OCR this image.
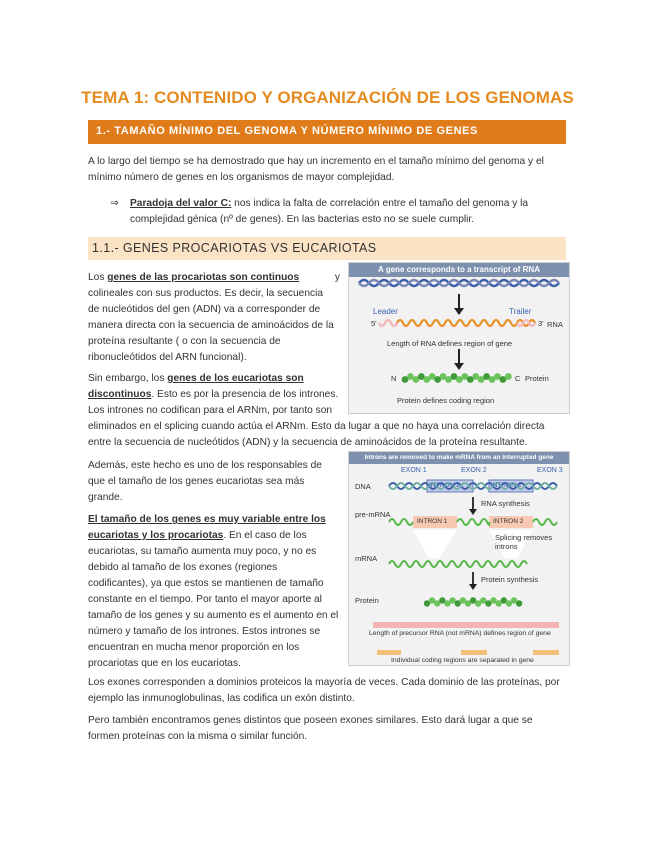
TEMA 1: CONTENIDO Y ORGANIZACIÓN DE LOS GENOMAS
1.- TAMAÑO MÍNIMO DEL GENOMA Y NÚMERO MÍNIMO DE GENES
A lo largo del tiempo se ha demostrado que hay un incremento en el tamaño mínimo del genoma y el
mínimo número de genes en los organismos de mayor complejidad.
⇒ Paradoja del valor C: nos indica la falta de correlación entre el tamaño del genoma y la
complejidad génica (nº de genes). En las bacterias esto no se suele cumplir.
1.1.- GENES PROCARIOTAS VS EUCARIOTAS
Los genes de las procariotas son continuos	y
colineales con sus productos. Es decir, la secuencia
de nucleótidos del gen (ADN) va a corresponder de
manera directa con la secuencia de aminoácidos de la
proteína resultante ( o con la secuencia de
ribonucleótidos del ARN funcional).
Sin embargo, los genes de los eucariotas son
discontinuos. Esto es por la presencia de los intrones.
Los intrones no codifican para el ARNm, por tanto son
eliminados en el splicing cuando actúa el ARNm. Esto da lugar a que no haya una correlación directa
entre la secuencia de nucleótidos (ADN) y la secuencia de aminoácidos de la proteína resultante.
Además, este hecho es uno de los responsables de
que el tamaño de los genes eucariotas sea más
grande.
El tamaño de los genes es muy variable entre los
eucariotas y los procariotas. En el caso de los
eucariotas, su tamaño aumenta muy poco, y no es
debido al tamaño de los exones (regiones
codificantes), ya que estos se mantienen de tamaño
constante en el tiempo. Por tanto el mayor aporte al
tamaño de los genes y su aumento es el aumento en el
número y tamaño de los intrones. Estos intrones se
encuentran en mucha menor proporción en los
procariotas que en los eucariotas.
Los exones corresponden a dominios proteicos la mayoría de veces. Cada dominio de las proteínas, por
ejemplo las inmunoglobulinas, las codifica un exón distinto.
Pero también encontramos genes distintos que poseen exones similares. Esto dará lugar a que se
formen proteínas con la misma o similar función.
A gene corresponds to a transcript of RNA
Leader	Trailer
5'	3' RNA
Length of RNA defines region of gene
N	C Protein
Protein defines coding region
Introns are removed to make mRNA from an interrupted gene
EXON 1	EXON 2	EXON 3
DNA	INTRON 1	INTRON 2
RNA synthesis
pre-mRNA
INTRON 1	INTRON 2
Splicing removes
introns
mRNA
Protein synthesis
Protein
Length of precursor RNA (not mRNA) defines region of gene
Individual coding regions are separated in gene
